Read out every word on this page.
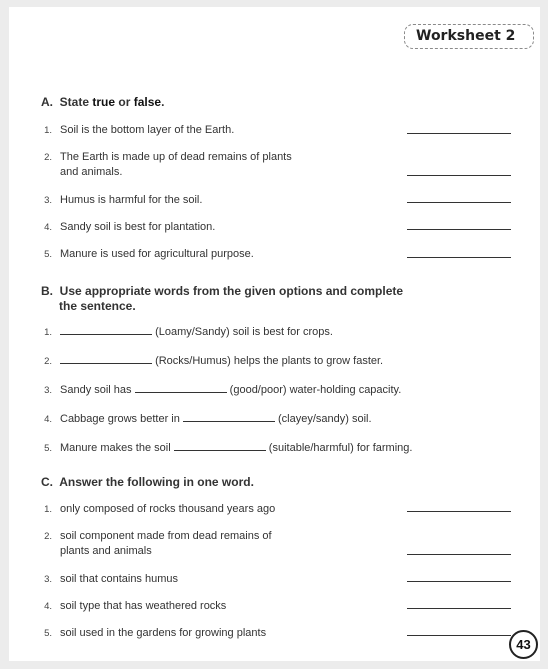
Worksheet 2
A. State true or false.
1. Soil is the bottom layer of the Earth.
2. The Earth is made up of dead remains of plants
and animals.
3. Humus is harmful for the soil.
4. Sandy soil is best for plantation.
5. Manure is used for agricultural purpose.
B. Use appropriate words from the given options and complete
the sentence.
1.	(Loamy/Sandy) soil is best for crops.
2.	(Rocks/Humus) helps the plants to grow faster.
3. Sandy soil has	(good/poor) water-holding capacity.
4. Cabbage grows better in	(clayey/sandy) soil.
5. Manure makes the soil	(suitable/harmful) for farming.
C. Answer the following in one word.
1. only composed of rocks thousand years ago
2. soil component made from dead remains of
plants and animals
3. soil that contains humus
4. soil type that has weathered rocks
5. soil used in the gardens for growing plants
43
